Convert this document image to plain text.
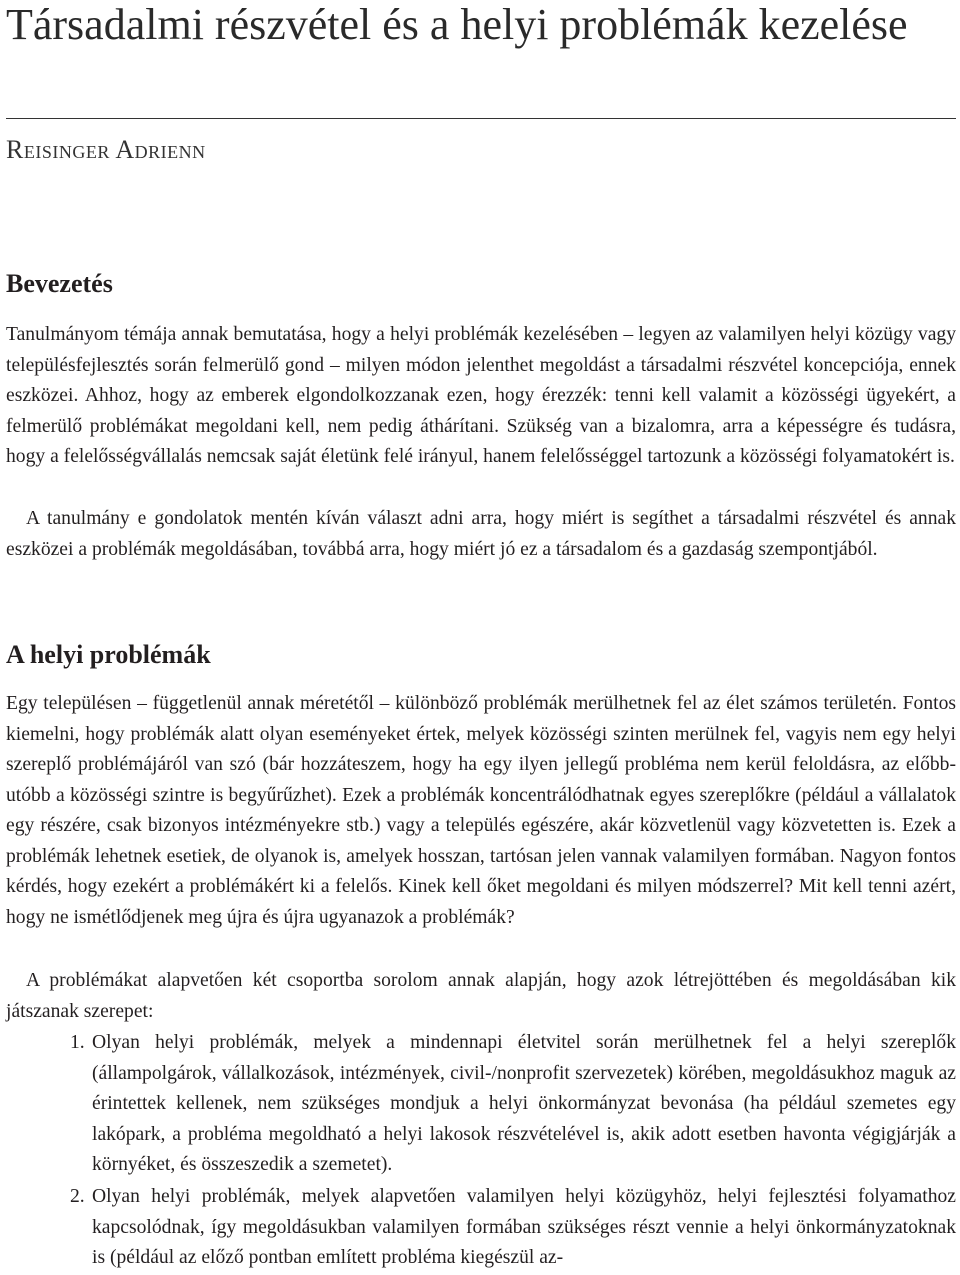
Társadalmi részvétel és a helyi problémák kezelése
Reisinger Adrienn
Bevezetés

Tanulmányom témája annak bemutatása, hogy a helyi problémák kezelésében – legyen az valamilyen helyi közügy vagy településfejlesztés során felmerülő gond – milyen módon jelenthet megoldást a társadalmi részvétel koncepciója, ennek eszközei. Ahhoz, hogy az emberek elgondolkozzanak ezen, hogy érezzék: tenni kell valamit a közösségi ügyekért, a felmerülő problémákat megoldani kell, nem pedig áthárítani. Szükség van a bizalomra, arra a képességre és tudásra, hogy a felelősségvállalás nemcsak saját életünk felé irányul, hanem felelősséggel tartozunk a közösségi folyamatokért is.

A tanulmány e gondolatok mentén kíván választ adni arra, hogy miért is segíthet a társadalmi részvétel és annak eszközei a problémák megoldásában, továbbá arra, hogy miért jó ez a társadalom és a gazdaság szempontjából.

A helyi problémák

Egy településen – függetlenül annak méretétől – különböző problémák merülhetnek fel az élet számos területén. Fontos kiemelni, hogy problémák alatt olyan eseményeket értek, melyek közösségi szinten merülnek fel, vagyis nem egy helyi szereplő problémájáról van szó (bár hozzáteszem, hogy ha egy ilyen jellegű probléma nem kerül feloldásra, az előbb-utóbb a közösségi szintre is begyűrűzhet). Ezek a problémák koncentrálódhatnak egyes szereplőkre (például a vállalatok egy részére, csak bizonyos intézményekre stb.) vagy a település egészére, akár közvetlenül vagy közvetetten is. Ezek a problémák lehetnek esetiek, de olyanok is, amelyek hosszan, tartósan jelen vannak valamilyen formában. Nagyon fontos kérdés, hogy ezekért a problémákért ki a felelős. Kinek kell őket megoldani és milyen módszerrel? Mit kell tenni azért, hogy ne ismétlődjenek meg újra és újra ugyanazok a problémák?

A problémákat alapvetően két csoportba sorolom annak alapján, hogy azok létrejöttében és megoldásában kik játszanak szerepet:

1. Olyan helyi problémák, melyek a mindennapi életvitel során merülhetnek fel a helyi szereplők (állampolgárok, vállalkozások, intézmények, civil-/nonprofit szervezetek) körében, megoldásukhoz maguk az érintettek kellenek, nem szükséges mondjuk a helyi önkormányzat bevonása (ha például szemetes egy lakópark, a probléma megoldható a helyi lakosok részvételével is, akik adott esetben havonta végigjárják a környéket, és összeszedik a szemetet).
2. Olyan helyi problémák, melyek alapvetően valamilyen helyi közügyhöz, helyi fejlesztési folyamathoz kapcsolódnak, így megoldásukban valamilyen formában szükséges részt vennie a helyi önkormányzatoknak is (például az előző pontban említett probléma kiegészül az-
